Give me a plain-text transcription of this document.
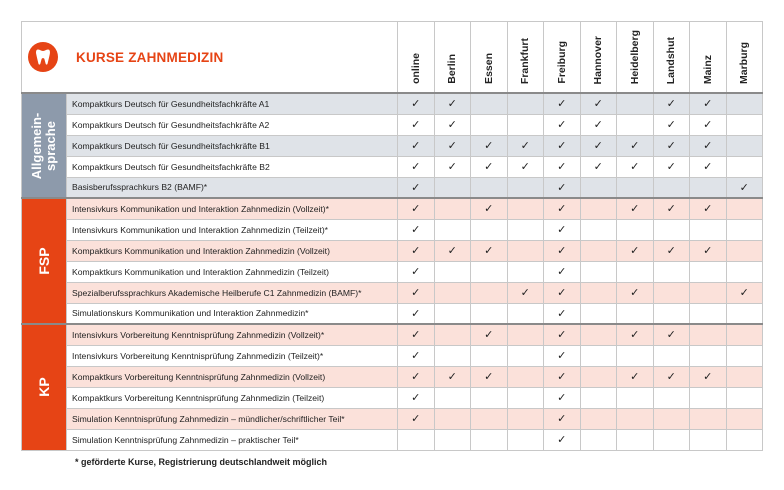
KURSE ZAHNMEDIZIN		online	Berlin	Essen	Frankfurt	Freiburg	Hannover	Heidelberg	Landshut	Mainz	Marburg

Allgemein- sprache	Kompaktkurs Deutsch für Gesundheitsfachkräfte A1	✓	✓			✓	✓		✓	✓	
	Kompaktkurs Deutsch für Gesundheitsfachkräfte A2	✓	✓			✓	✓		✓	✓	
	Kompaktkurs Deutsch für Gesundheitsfachkräfte B1	✓	✓	✓	✓	✓	✓	✓	✓	✓	
	Kompaktkurs Deutsch für Gesundheitsfachkräfte B2	✓	✓	✓	✓	✓	✓	✓	✓	✓	
	Basisberufssprachkurs B2 (BAMF)*	✓				✓					✓

FSP	Intensivkurs Kommunikation und Interaktion Zahnmedizin (Vollzeit)*	✓		✓		✓		✓	✓	✓	
	Intensivkurs Kommunikation und Interaktion Zahnmedizin (Teilzeit)*	✓				✓					
	Kompaktkurs Kommunikation und Interaktion Zahnmedizin (Vollzeit)	✓	✓	✓		✓		✓	✓	✓	
	Kompaktkurs Kommunikation und Interaktion Zahnmedizin (Teilzeit)	✓				✓					
	Spezialberufssprachkurs Akademische Heilberufe C1 Zahnmedizin (BAMF)*	✓			✓	✓		✓			✓
	Simulationskurs Kommunikation und Interaktion Zahnmedizin*	✓				✓					

KP	Intensivkurs Vorbereitung Kenntnisprüfung Zahnmedizin (Vollzeit)*	✓		✓		✓		✓	✓		
	Intensivkurs Vorbereitung Kenntnisprüfung Zahnmedizin (Teilzeit)*	✓				✓					
	Kompaktkurs Vorbereitung Kenntnisprüfung Zahnmedizin (Vollzeit)	✓	✓	✓		✓		✓	✓	✓	
	Kompaktkurs Vorbereitung Kenntnisprüfung Zahnmedizin (Teilzeit)	✓				✓					
	Simulation Kenntnisprüfung Zahnmedizin – mündlicher/schriftlicher Teil*	✓				✓					
	Simulation Kenntnisprüfung Zahnmedizin – praktischer Teil*					✓					
* geförderte Kurse, Registrierung deutschlandweit möglich
